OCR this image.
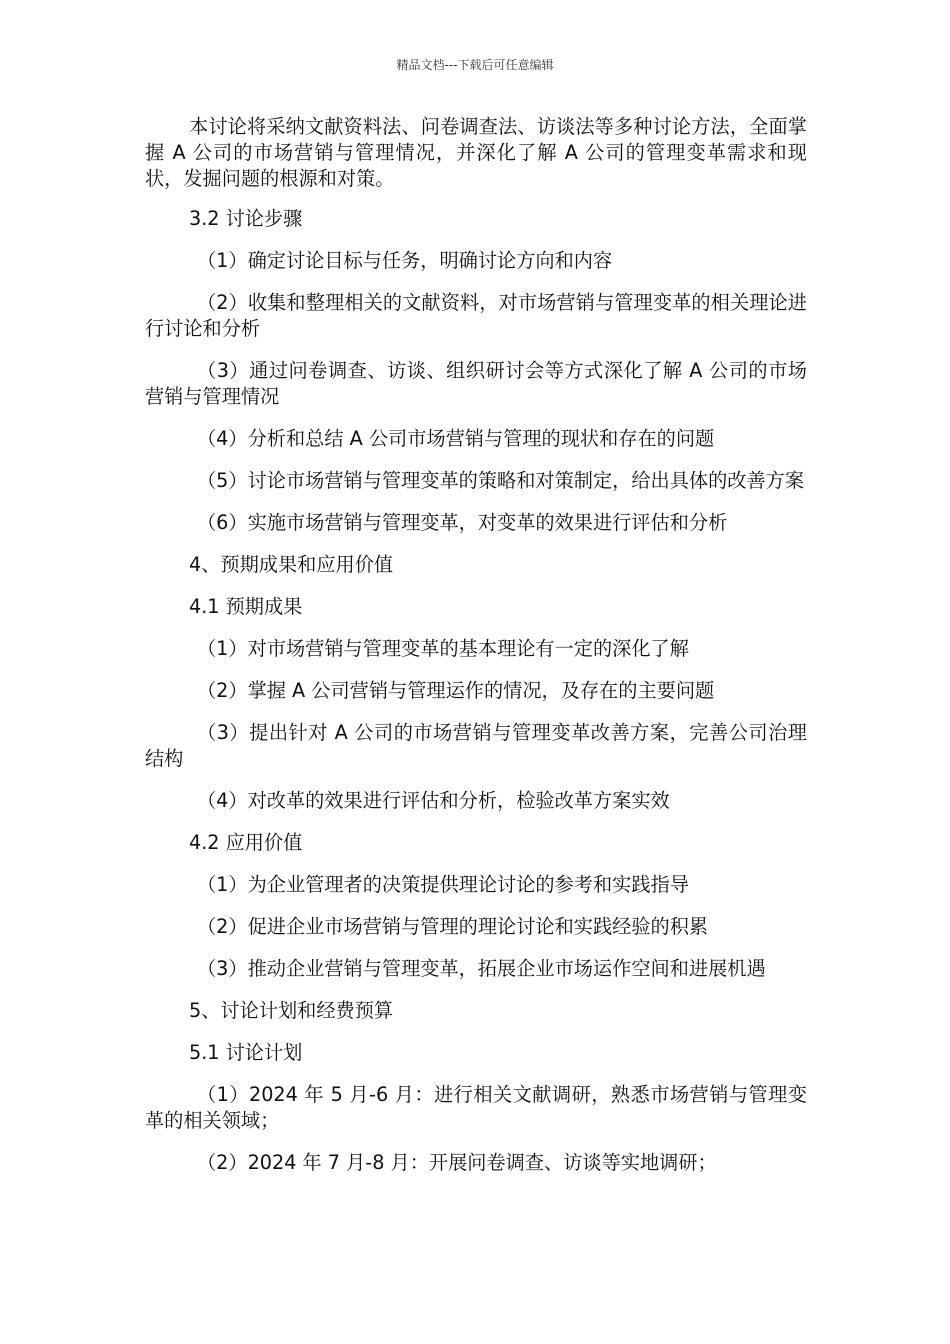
精品文档---下载后可任意编辑

本讨论将采纳文献资料法、问卷调查法、访谈法等多种讨论方法，全面掌握 A 公司的市场营销与管理情况，并深化了解 A 公司的管理变革需求和现状，发掘问题的根源和对策。

3.2 讨论步骤

（1）确定讨论目标与任务，明确讨论方向和内容

（2）收集和整理相关的文献资料，对市场营销与管理变革的相关理论进行讨论和分析

（3）通过问卷调查、访谈、组织研讨会等方式深化了解 A 公司的市场营销与管理情况

（4）分析和总结 A 公司市场营销与管理的现状和存在的问题

（5）讨论市场营销与管理变革的策略和对策制定，给出具体的改善方案

（6）实施市场营销与管理变革，对变革的效果进行评估和分析

4、预期成果和应用价值

4.1 预期成果

（1）对市场营销与管理变革的基本理论有一定的深化了解

（2）掌握 A 公司营销与管理运作的情况，及存在的主要问题

（3）提出针对 A 公司的市场营销与管理变革改善方案，完善公司治理结构

（4）对改革的效果进行评估和分析，检验改革方案实效

4.2 应用价值

（1）为企业管理者的决策提供理论讨论的参考和实践指导

（2）促进企业市场营销与管理的理论讨论和实践经验的积累

（3）推动企业营销与管理变革，拓展企业市场运作空间和进展机遇

5、讨论计划和经费预算

5.1 讨论计划

（1）2024 年 5 月-6 月：进行相关文献调研，熟悉市场营销与管理变革的相关领域；

（2）2024 年 7 月-8 月：开展问卷调查、访谈等实地调研；
